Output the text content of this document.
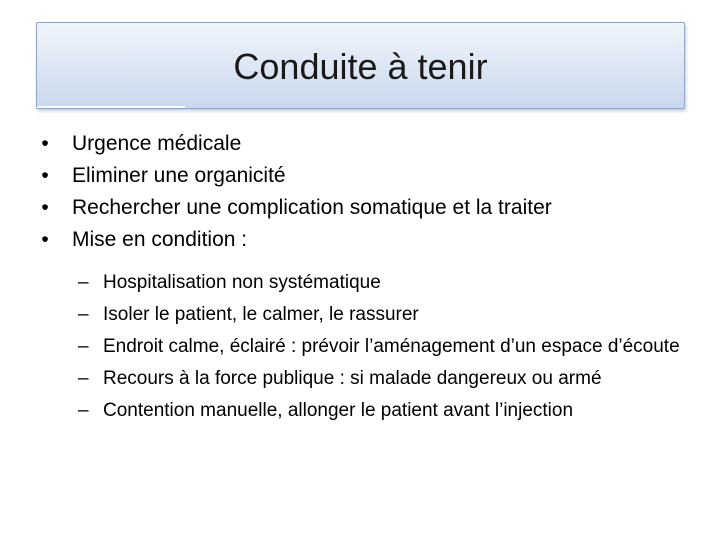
Conduite à tenir
• Urgence médicale
• Eliminer une organicité
• Rechercher une complication somatique et la traiter
• Mise en condition :
– Hospitalisation non systématique
– Isoler le patient, le calmer, le rassurer
– Endroit calme, éclairé : prévoir l’aménagement d’un espace d’écoute
– Recours à la force publique : si malade dangereux ou armé
– Contention manuelle, allonger le patient avant l’injection
